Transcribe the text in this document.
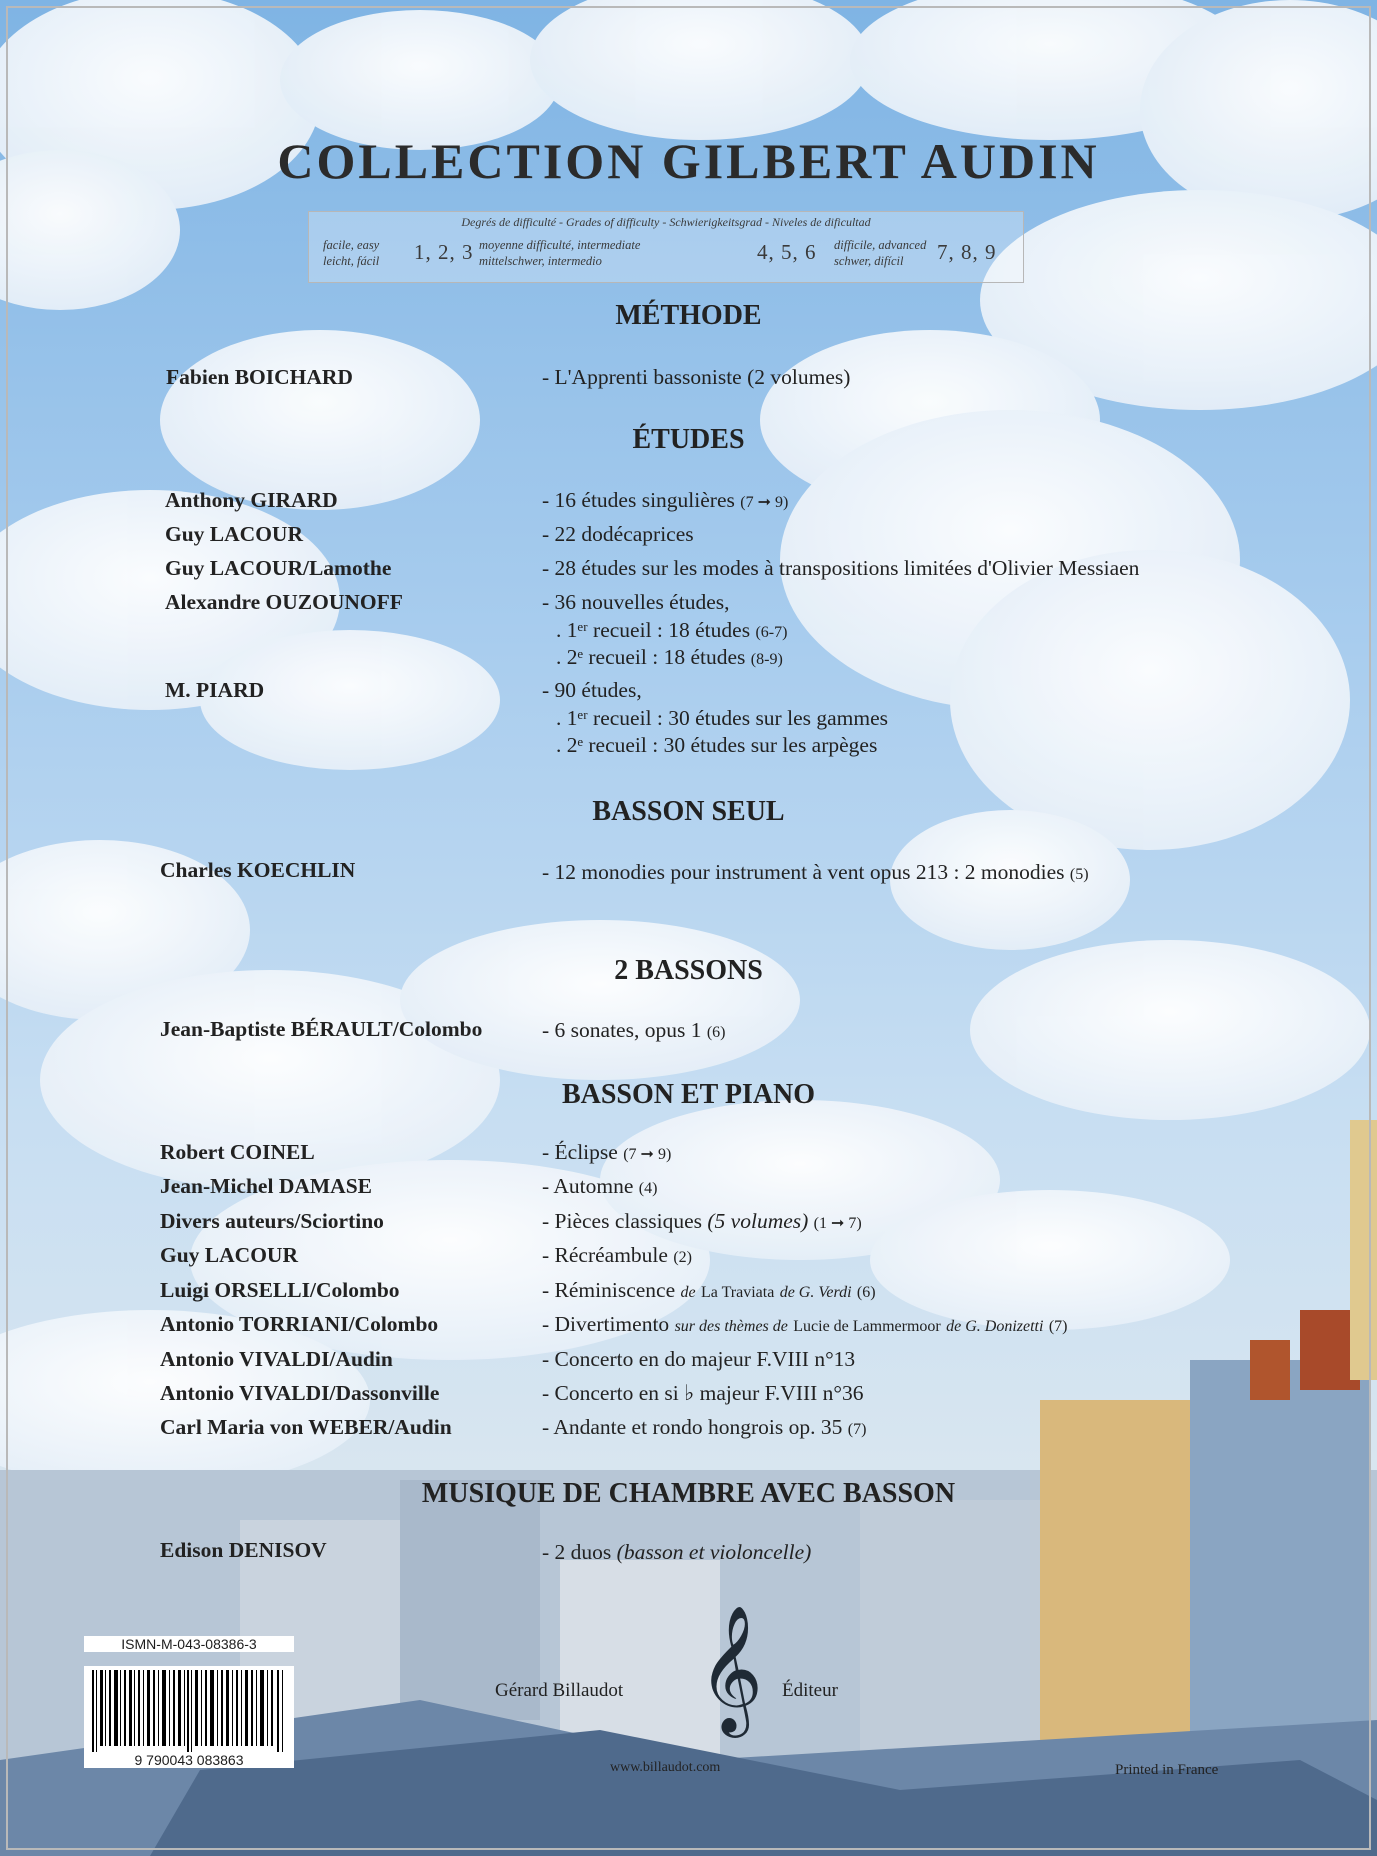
COLLECTION GILBERT AUDIN
Degrés de difficulté - Grades of difficulty - Schwierigkeitsgrad - Niveles de dificultad
facile, easy
leicht, fácil 1, 2, 3 moyenne difficulté, intermediate
mittelschwer, intermedio	4, 5, 6 difficile, advanced
schwer, difícil 7, 8, 9
MÉTHODE
Fabien BOICHARD	- L'Apprenti bassoniste (2 volumes)
ÉTUDES
Anthony GIRARD	- 16 études singulières (7 ➞ 9)
Guy LACOUR	- 22 dodécaprices
Guy LACOUR/Lamothe	- 28 études sur les modes à transpositions limitées d'Olivier Messiaen
Alexandre OUZOUNOFF	- 36 nouvelles études,
. 1ᵉʳ recueil : 18 études (6-7)
. 2ᵉ recueil : 18 études (8-9)
M. PIARD	- 90 études,
. 1ᵉʳ recueil : 30 études sur les gammes
. 2ᵉ recueil : 30 études sur les arpèges
BASSON SEUL
Charles KOECHLIN	- 12 monodies pour instrument à vent opus 213 : 2 monodies (5)
2 BASSONS
Jean-Baptiste BÉRAULT/Colombo	- 6 sonates, opus 1 (6)
BASSON ET PIANO
Robert COINEL	- Éclipse (7 ➞ 9)
Jean-Michel DAMASE	- Automne (4)
Divers auteurs/Sciortino	- Pièces classiques (5 volumes) (1 ➞ 7)
Guy LACOUR	- Récréambule (2)
Luigi ORSELLI/Colombo	- Réminiscence de La Traviata de G. Verdi (6)
Antonio TORRIANI/Colombo	- Divertimento sur des thèmes de Lucie de Lammermoor de G. Donizetti (7)
Antonio VIVALDI/Audin	- Concerto en do majeur F.VIII n°13
Antonio VIVALDI/Dassonville	- Concerto en si ♭ majeur F.VIII n°36
Carl Maria von WEBER/Audin	- Andante et rondo hongrois op. 35 (7)
MUSIQUE DE CHAMBRE AVEC BASSON
Edison DENISOV	- 2 duos (basson et violoncelle)
ISMN-M-043-08386-3
9 790043 083863
Gérard Billaudot 𝄞 Éditeur
www.billaudot.com	Printed in France
